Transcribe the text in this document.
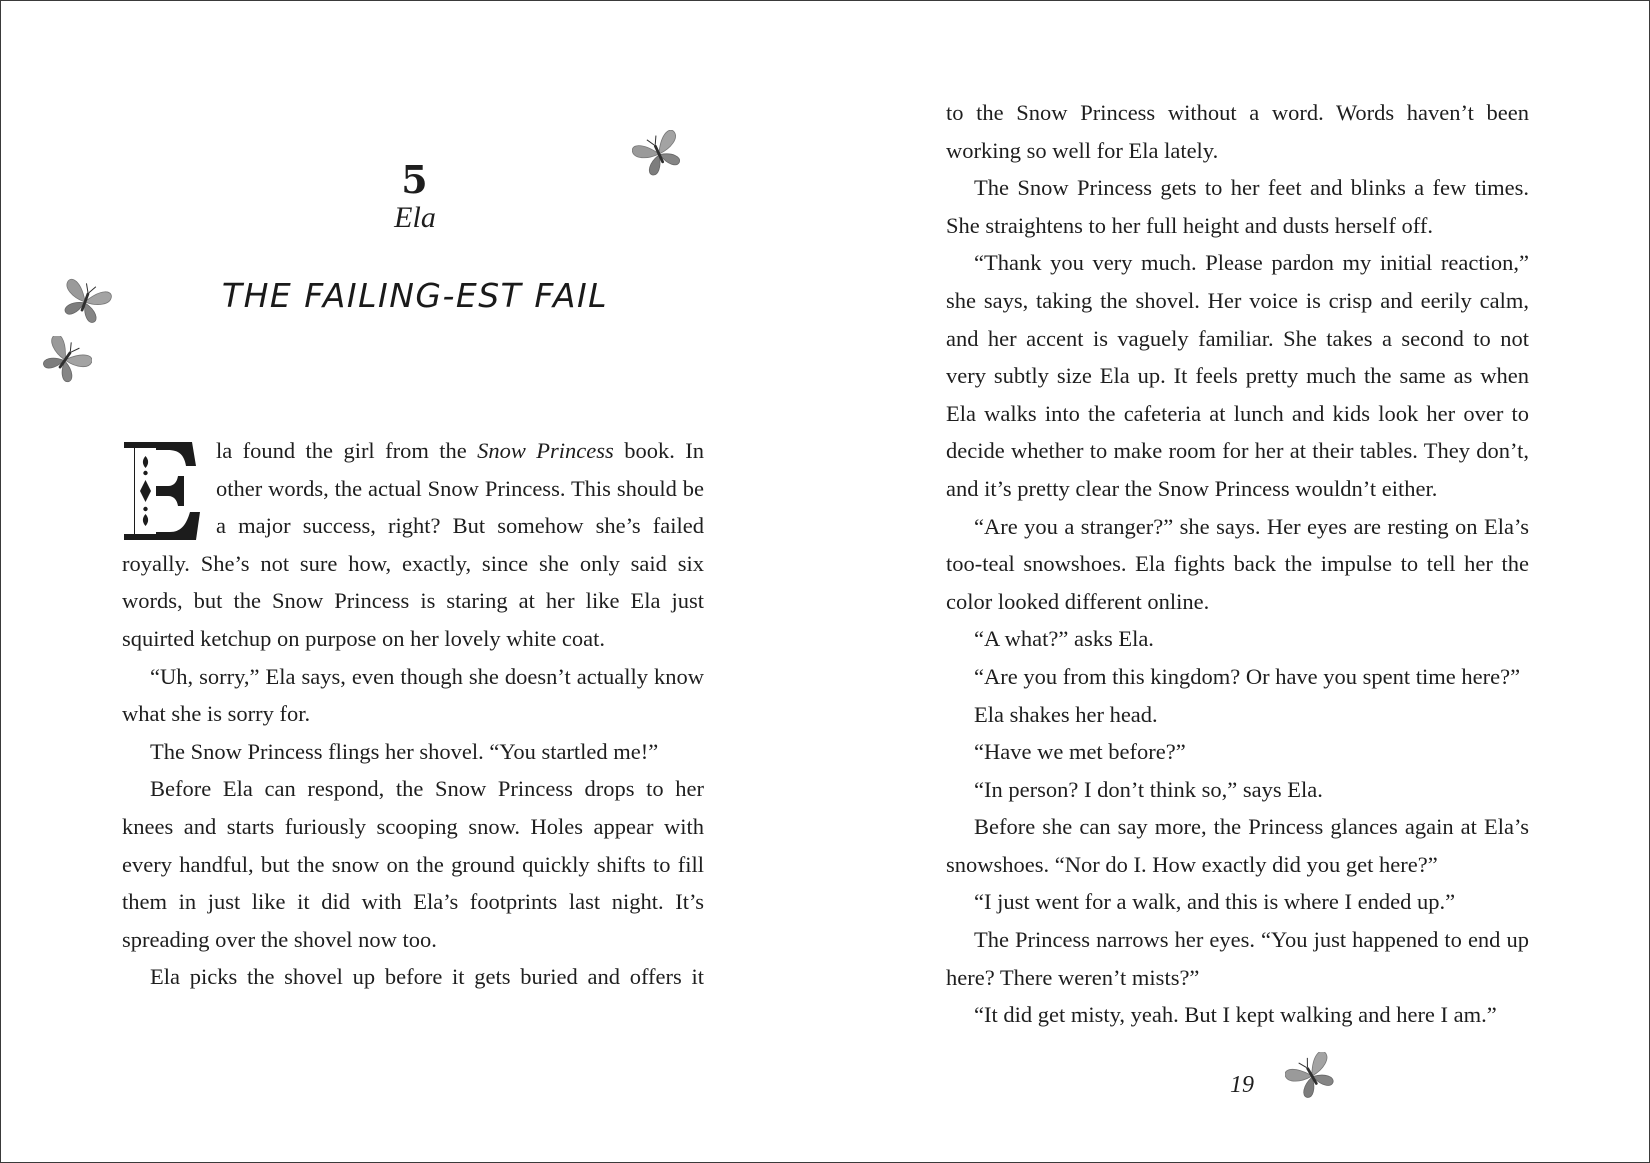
5
Ela
THE FAILING-EST FAIL

E	la found the girl from the Snow Princess book. In other words, the actual Snow Princess. This should be a major success, right? But somehow she’s failed royally. She’s not sure how, exactly, since she only said six words, but the Snow Princess is staring at her like Ela just squirted ketchup on purpose on her lovely white coat.

“Uh, sorry,” Ela says, even though she doesn’t actually know what she is sorry for.

The Snow Princess flings her shovel. “You startled me!”

Before Ela can respond, the Snow Princess drops to her knees and starts furiously scooping snow. Holes appear with every handful, but the snow on the ground quickly shifts to fill them in just like it did with Ela’s footprints last night. It’s spreading over the shovel now too.

Ela picks the shovel up before it gets buried and offers it

to the Snow Princess without a word. Words haven’t been working so well for Ela lately.

The Snow Princess gets to her feet and blinks a few times. She straightens to her full height and dusts herself off.

“Thank you very much. Please pardon my initial reaction,” she says, taking the shovel. Her voice is crisp and eerily calm, and her accent is vaguely familiar. She takes a second to not very subtly size Ela up. It feels pretty much the same as when Ela walks into the cafeteria at lunch and kids look her over to decide whether to make room for her at their tables. They don’t, and it’s pretty clear the Snow Princess wouldn’t either.

“Are you a stranger?” she says. Her eyes are resting on Ela’s too-teal snowshoes. Ela fights back the impulse to tell her the color looked different online.

“A what?” asks Ela.

“Are you from this kingdom? Or have you spent time here?”

Ela shakes her head.

“Have we met before?”

“In person? I don’t think so,” says Ela.

Before she can say more, the Princess glances again at Ela’s snowshoes. “Nor do I. How exactly did you get here?”

“I just went for a walk, and this is where I ended up.”

The Princess narrows her eyes. “You just happened to end up here? There weren’t mists?”

“It did get misty, yeah. But I kept walking and here I am.”

19
